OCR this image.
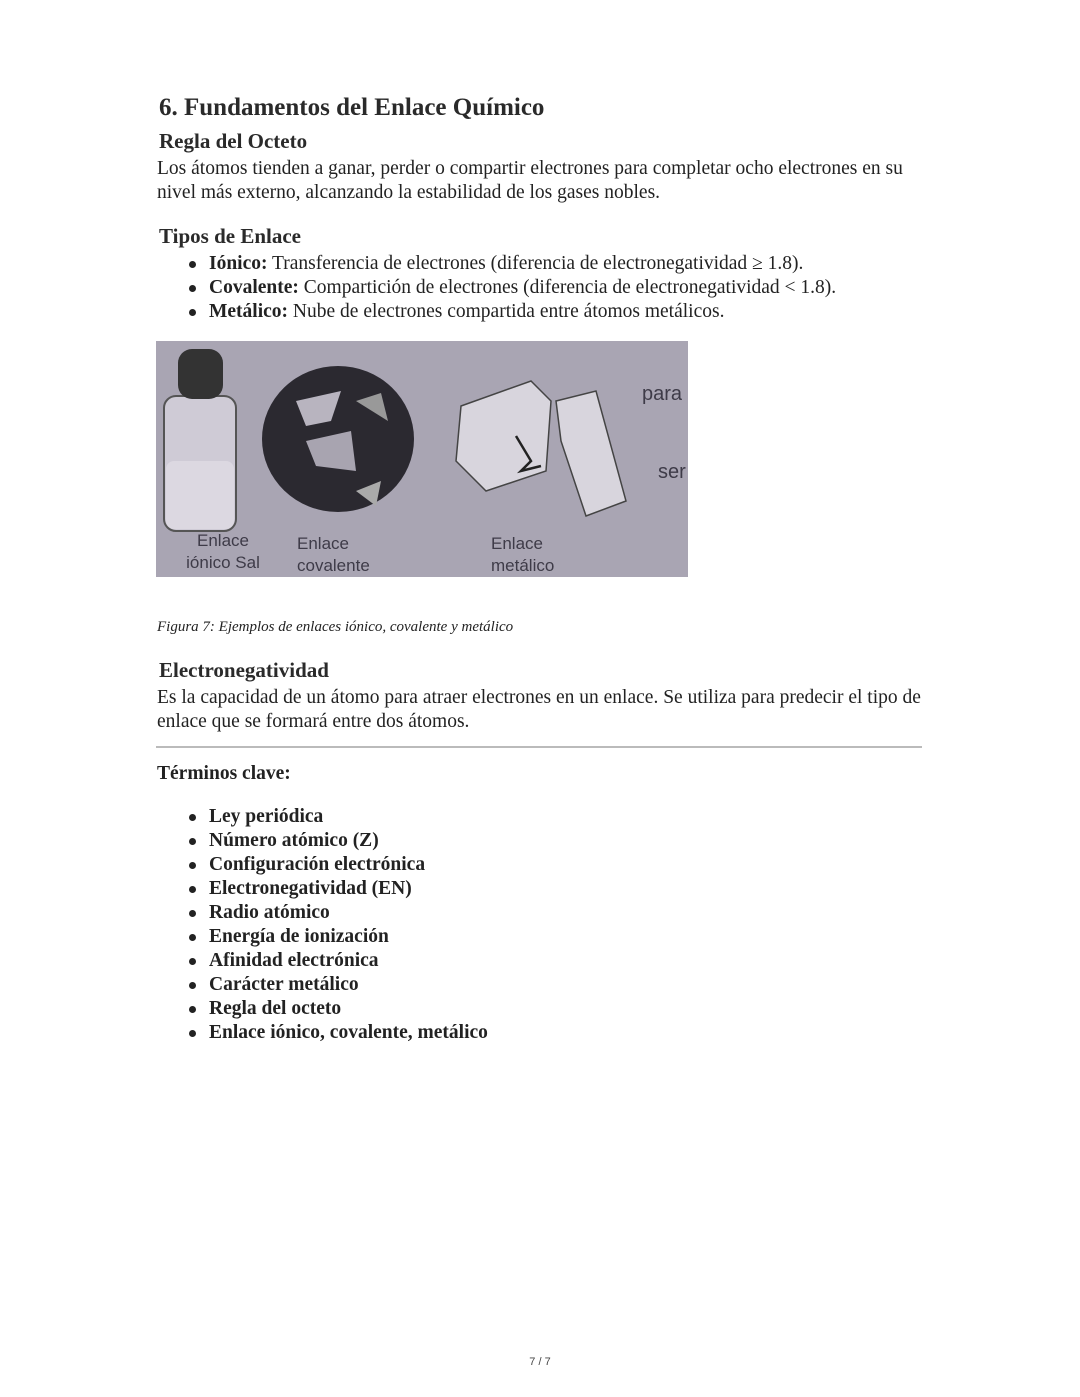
6. Fundamentos del Enlace Químico
Regla del Octeto

Los átomos tienden a ganar, perder o compartir electrones para completar ocho electrones en su nivel más externo, alcanzando la estabilidad de los gases nobles.

Tipos de Enlace
Iónico: Transferencia de electrones (diferencia de electronegatividad ≥ 1.8).
Covalente: Compartición de electrones (diferencia de electronegatividad < 1.8).
Metálico: Nube de electrones compartida entre átomos metálicos.
Enlace iónico Sal
Enlace covalente
Enlace metálico
para
ser
Figura 7: Ejemplos de enlaces iónico, covalente y metálico
Electronegatividad

Es la capacidad de un átomo para atraer electrones en un enlace. Se utiliza para predecir el tipo de enlace que se formará entre dos átomos.

Términos clave:
Ley periódica
Número atómico (Z)
Configuración electrónica
Electronegatividad (EN)
Radio atómico
Energía de ionización
Afinidad electrónica
Carácter metálico
Regla del octeto
Enlace iónico, covalente, metálico
7 / 7
